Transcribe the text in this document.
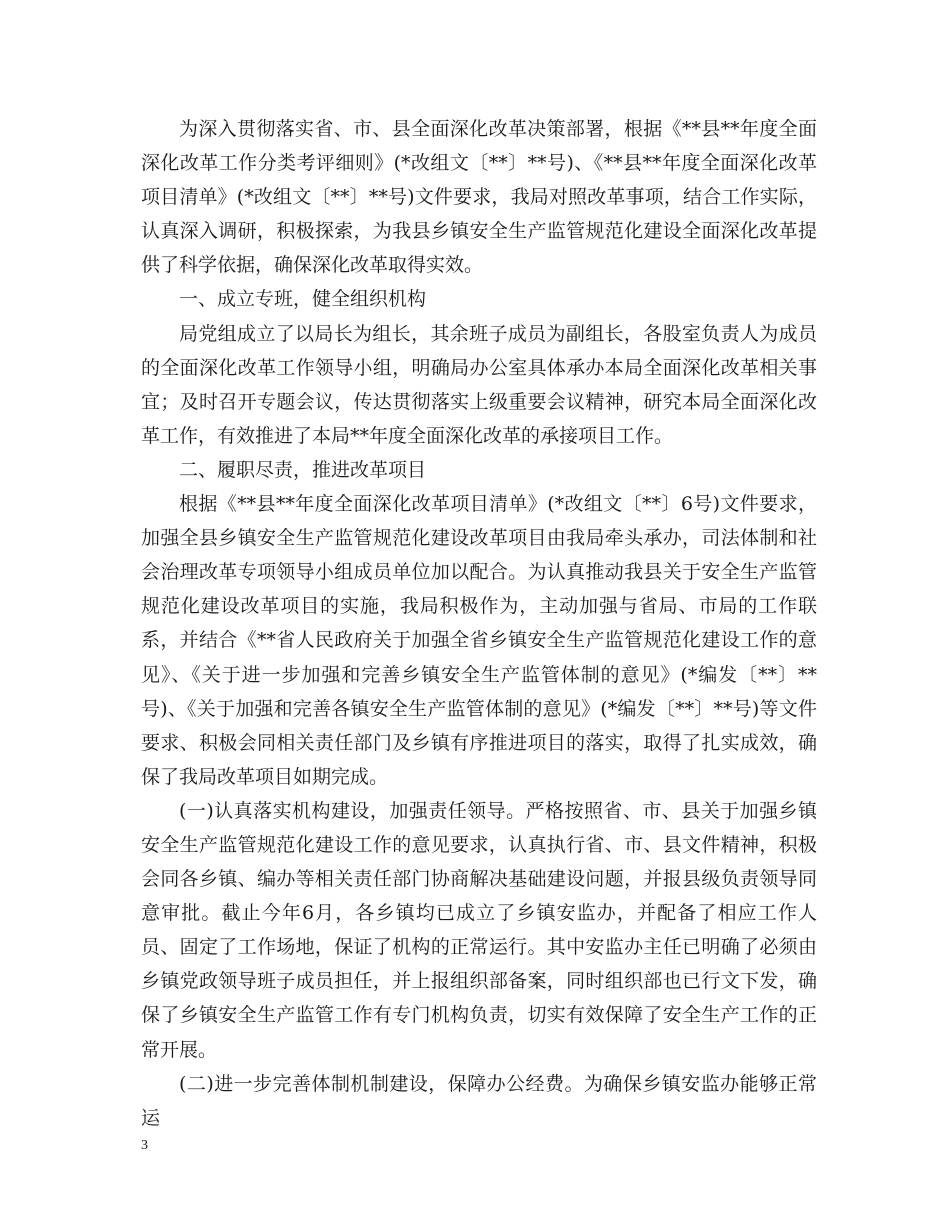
为深入贯彻落实省、市、县全面深化改革决策部署，根据《**县**年度全面深化改革工作分类考评细则》(*改组文〔**〕**号)、《**县**年度全面深化改革项目清单》(*改组文〔**〕**号)文件要求，我局对照改革事项，结合工作实际，认真深入调研，积极探索，为我县乡镇安全生产监管规范化建设全面深化改革提供了科学依据，确保深化改革取得实效。

一、成立专班，健全组织机构

局党组成立了以局长为组长，其余班子成员为副组长，各股室负责人为成员的全面深化改革工作领导小组，明确局办公室具体承办本局全面深化改革相关事宜；及时召开专题会议，传达贯彻落实上级重要会议精神，研究本局全面深化改革工作，有效推进了本局**年度全面深化改革的承接项目工作。

二、履职尽责，推进改革项目

根据《**县**年度全面深化改革项目清单》(*改组文〔**〕6号)文件要求，加强全县乡镇安全生产监管规范化建设改革项目由我局牵头承办，司法体制和社会治理改革专项领导小组成员单位加以配合。为认真推动我县关于安全生产监管规范化建设改革项目的实施，我局积极作为，主动加强与省局、市局的工作联系，并结合《**省人民政府关于加强全省乡镇安全生产监管规范化建设工作的意见》、《关于进一步加强和完善乡镇安全生产监管体制的意见》(*编发〔**〕**号)、《关于加强和完善各镇安全生产监管体制的意见》(*编发〔**〕**号)等文件要求、积极会同相关责任部门及乡镇有序推进项目的落实，取得了扎实成效，确保了我局改革项目如期完成。

(一)认真落实机构建设，加强责任领导。严格按照省、市、县关于加强乡镇安全生产监管规范化建设工作的意见要求，认真执行省、市、县文件精神，积极会同各乡镇、编办等相关责任部门协商解决基础建设问题，并报县级负责领导同意审批。截止今年6月，各乡镇均已成立了乡镇安监办，并配备了相应工作人员、固定了工作场地，保证了机构的正常运行。其中安监办主任已明确了必须由乡镇党政领导班子成员担任，并上报组织部备案，同时组织部也已行文下发，确保了乡镇安全生产监管工作有专门机构负责，切实有效保障了安全生产工作的正常开展。

(二)进一步完善体制机制建设，保障办公经费。为确保乡镇安监办能够正常运

3
